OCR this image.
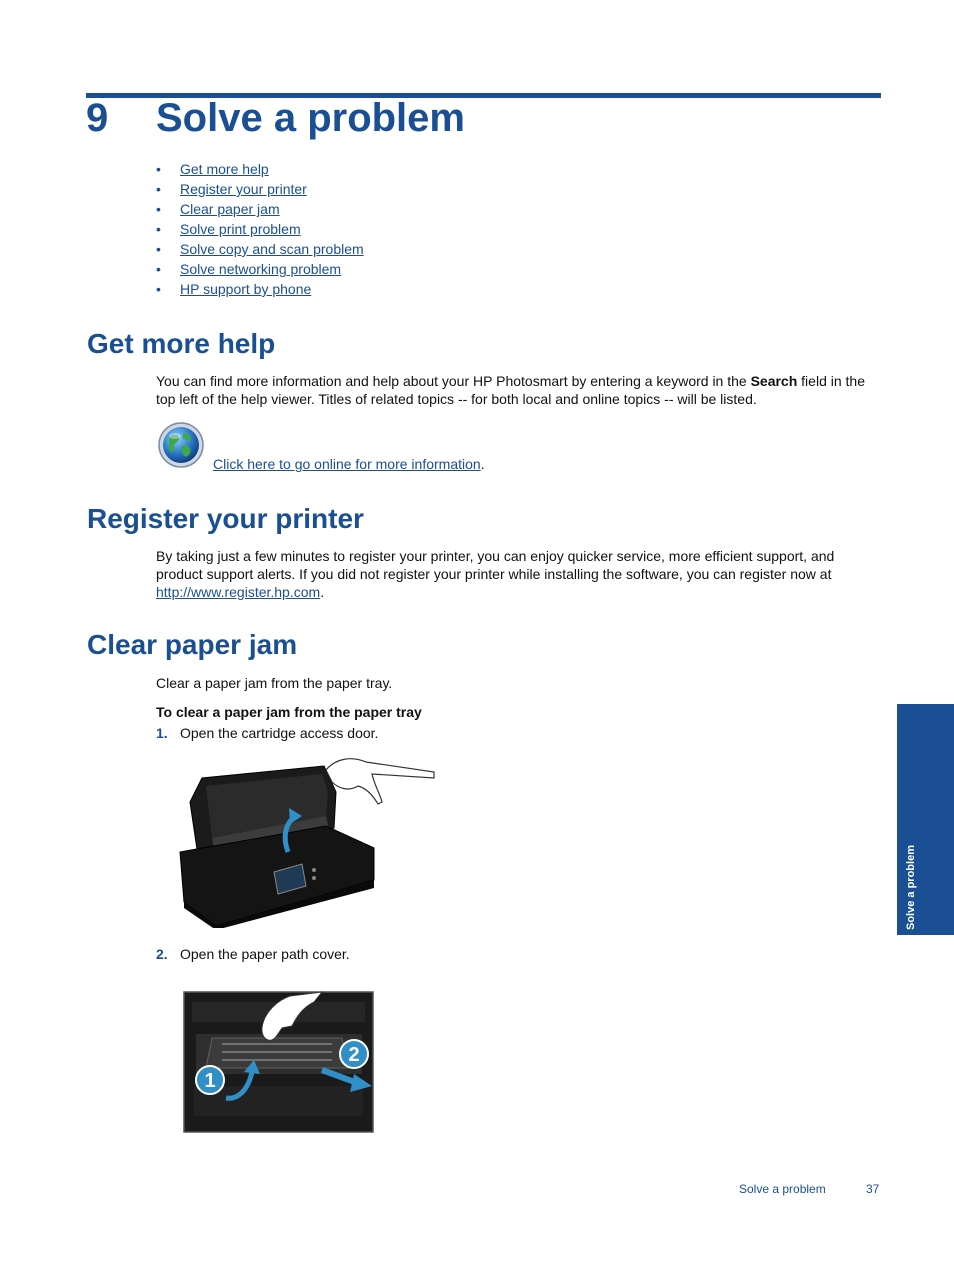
9 Solve a problem
• Get more help
• Register your printer
• Clear paper jam
• Solve print problem
• Solve copy and scan problem
• Solve networking problem
• HP support by phone
Get more help

You can find more information and help about your HP Photosmart by entering a keyword in the Search field in the top left of the help viewer. Titles of related topics -- for both local and online topics -- will be listed.

Click here to go online for more information.
Register your printer

By taking just a few minutes to register your printer, you can enjoy quicker service, more efficient support, and product support alerts. If you did not register your printer while installing the software, you can register now at http://www.register.hp.com.

Clear paper jam

Clear a paper jam from the paper tray.

To clear a paper jam from the paper tray

1. Open the cartridge access door.
2. Open the paper path cover.
1
2
Solve a problem
Solve a problem	37
